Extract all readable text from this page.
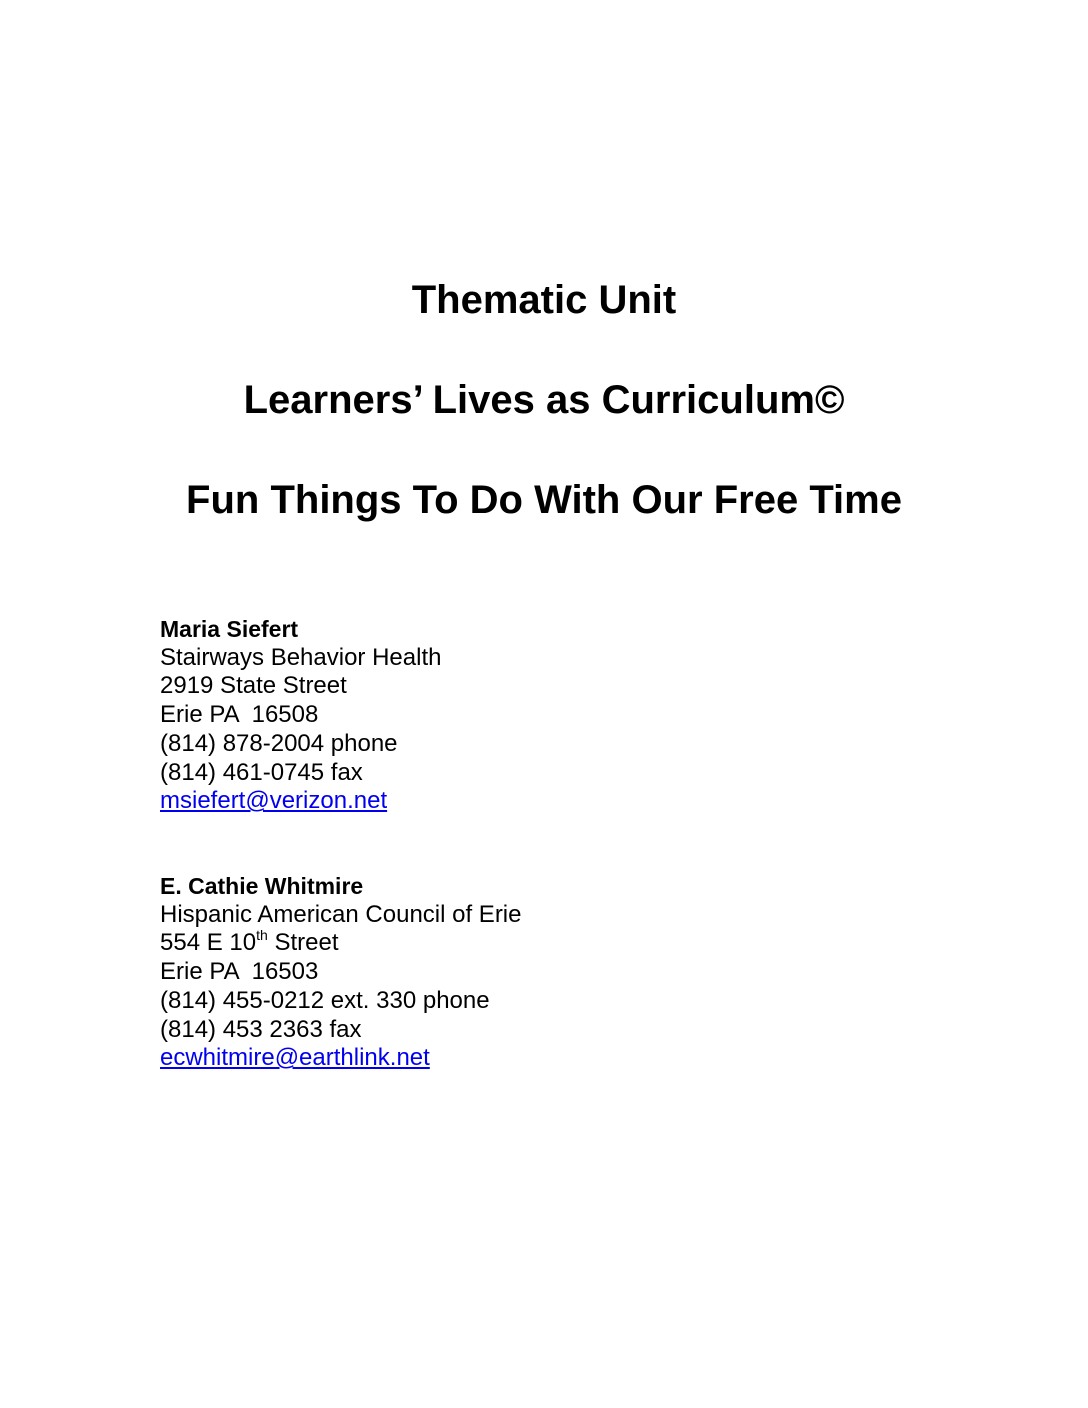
Thematic Unit
Learners’ Lives as Curriculum©
Fun Things To Do With Our Free Time
Maria Siefert
Stairways Behavior Health
2919 State Street
Erie PA  16508
(814) 878-2004 phone
(814) 461-0745 fax
msiefert@verizon.net
E. Cathie Whitmire
Hispanic American Council of Erie
554 E 10th Street
Erie PA  16503
(814) 455-0212 ext. 330 phone
(814) 453 2363 fax
ecwhitmire@earthlink.net
